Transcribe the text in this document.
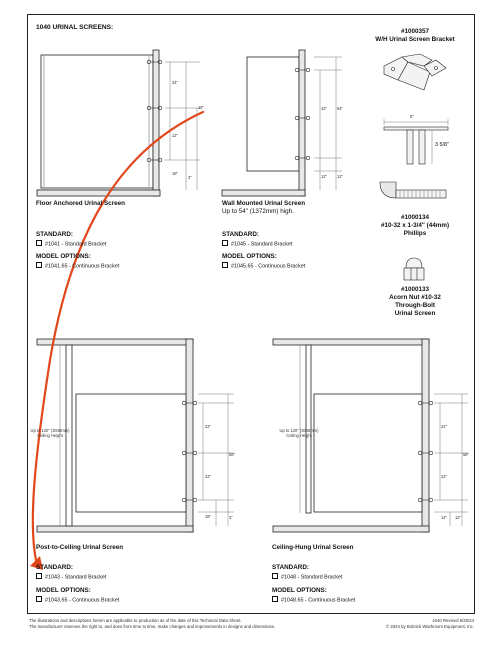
1040 URINAL SCREENS:
24"
18"
12"
18"
3"
42" 54"
12" 12"
Floor Anchored Urinal Screen
STANDARD:
#1041 - Standard Bracket
MODEL OPTIONS:
#1041.65 - Continuous Bracket
Wall Mounted Urinal Screen
Up to 54" (1372mm) high.
STANDARD:
#1045 - Standard Bracket
MODEL OPTIONS:
#1045.65 - Continuous Bracket
#1000357
W/H Urinal Screen Bracket
5"
3 5/8"
#1000134
#10-32 x 1-3/4" (44mm)
Phillips
#1000133
Acorn Nut #10-32
Through-Bolt
Urinal Screen
Up to 120" (3048mm) Ceiling Height
22"
22"
18"
58"
3"
Up to 120" (3048mm) Ceiling Height
22"
22"
58"
12" 12"
Post-to-Ceiling Urinal Screen
STANDARD:
#1043 - Standard Bracket
MODEL OPTIONS:
#1043.65 - Continuous Bracket
Ceiling-Hung Urinal Screen
STANDARD:
#1048 - Standard Bracket
MODEL OPTIONS:
#1048.65 - Continuous Bracket
The illustrations and descriptions herein are applicable to production as of the date of this Technical Data Sheet.
The manufacturer reserves the right to, and does from time to time, make changes and improvements in designs and dimensions.
1040 Revised 8/20/24
© 2024 by Bobrick Washroom Equipment, Inc.
